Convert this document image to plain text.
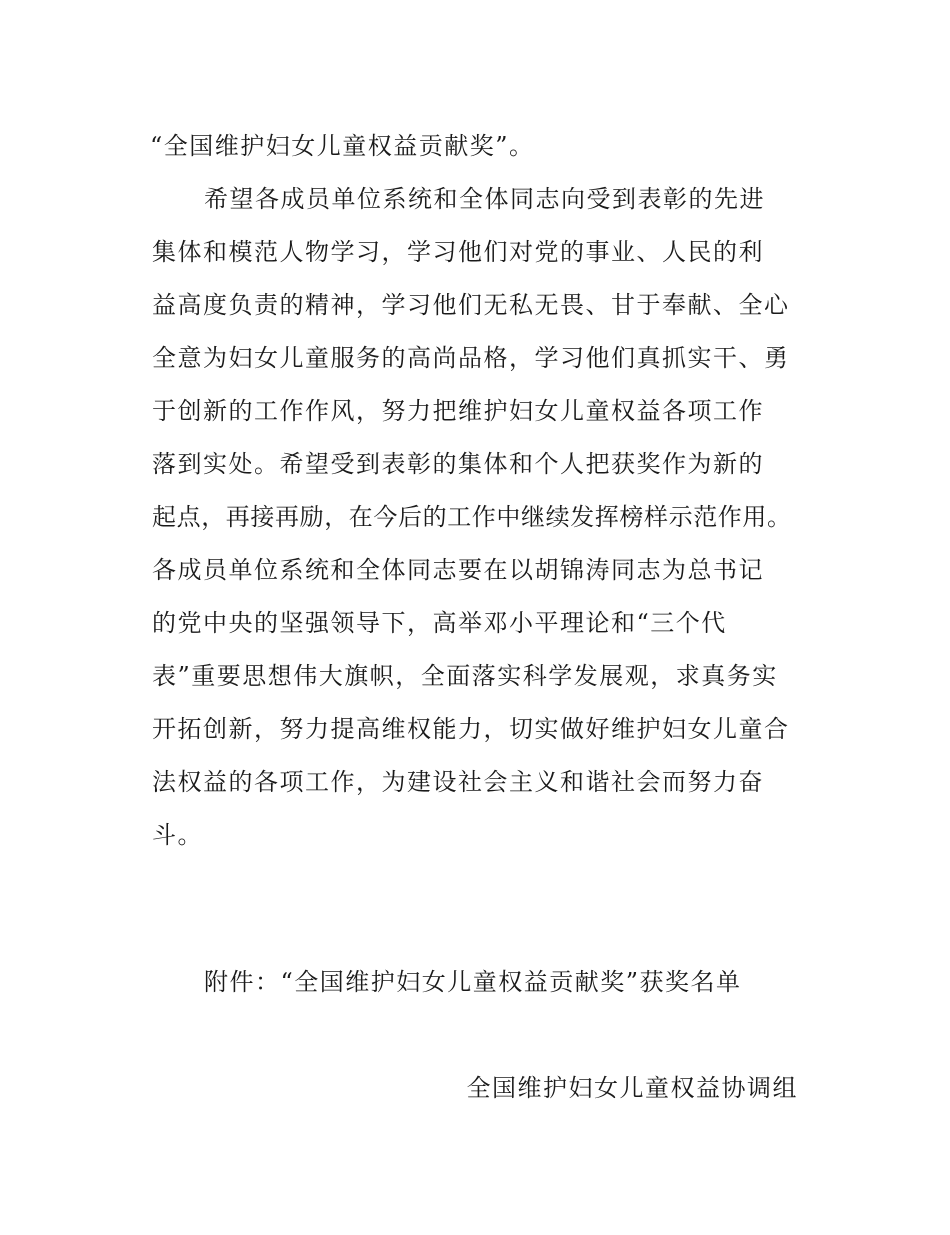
“全国维护妇女儿童权益贡献奖”。
希望各成员单位系统和全体同志向受到表彰的先进
集体和模范人物学习，学习他们对党的事业、人民的利
益高度负责的精神，学习他们无私无畏、甘于奉献、全心
全意为妇女儿童服务的高尚品格，学习他们真抓实干、勇
于创新的工作作风，努力把维护妇女儿童权益各项工作
落到实处。希望受到表彰的集体和个人把获奖作为新的
起点，再接再励，在今后的工作中继续发挥榜样示范作用。
各成员单位系统和全体同志要在以胡锦涛同志为总书记
的党中央的坚强领导下，高举邓小平理论和“三个代
表”重要思想伟大旗帜，全面落实科学发展观，求真务实
开拓创新，努力提高维权能力，切实做好维护妇女儿童合
法权益的各项工作，为建设社会主义和谐社会而努力奋
斗。
附件：“全国维护妇女儿童权益贡献奖”获奖名单
全国维护妇女儿童权益协调组
